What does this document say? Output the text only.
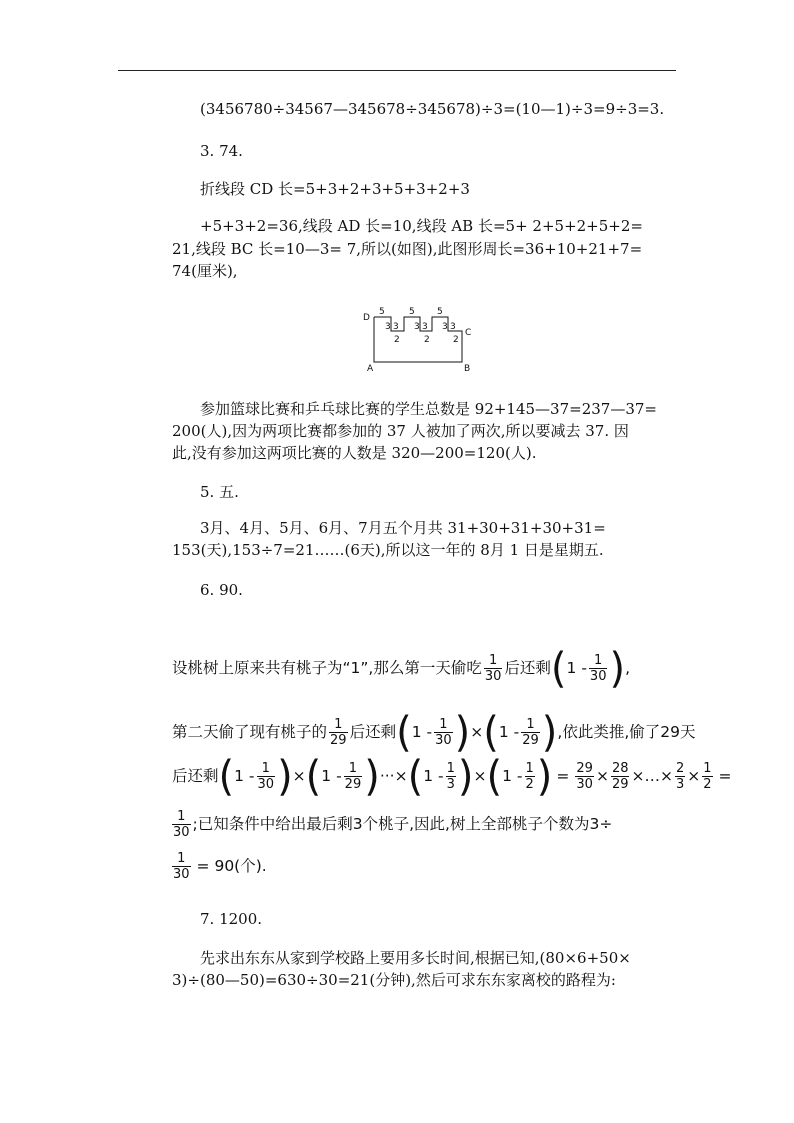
(3456780÷34567—345678÷345678)÷3=(10—1)÷3=9÷3=3.
3. 74.
折线段 CD 长=5+3+2+3+5+3+2+3
+5+3+2=36,线段 AD 长=10,线段 AB 长=5+ 2+5+2+5+2=
21,线段 BC 长=10—3= 7,所以(如图),此图形周长=36+10+21+7=
74(厘米),
D
C
A	B
5	5 5
3 3 3 3 3 3
2	2	2
参加篮球比赛和乒乓球比赛的学生总数是 92+145—37=237—37=
200(人),因为两项比赛都参加的 37 人被加了两次,所以要减去 37. 因
此,没有参加这两项比赛的人数是 320—200=120(人).
5. 五.
3月、4月、5月、6月、7月五个月共 31+30+31+30+31=
153(天),153÷7=21……(6天),所以这一年的 8月 1 日是星期五.
6. 90.
设桃树上原来共有桃子为“1”,那么第一天偷吃 $\frac{1}{30}$ 后还剩($1 - \frac{1}{30}$ ),
第二天偷了现有桃子的 $\frac{1}{29}$ 后还剩$(1 - \frac{1}{30} )\times(1 - \frac{1}{29}$ ),依此类推,偷了29天
后还剩$(1 - \frac{1}{30} )\times(1 - \frac{1}{29} )\cdot\cdot\cdot\times(1 - \frac{1}{3} )\times(1 - \frac{1}{2}$ ) = $\frac{29}{30} \times \frac{28}{29}$ ×…× $\frac{2}{3} \times \frac{1}{2}$ =
$\frac{1}{30}$ ;已知条件中给出最后剩3个桃子,因此,树上全部桃子个数为3÷
$\frac{1}{30} = 90$(个).
7. 1200.
先求出东东从家到学校路上要用多长时间,根据已知,(80×6+50×
3)÷(80—50)=630÷30=21(分钟),然后可求东东家离校的路程为:
